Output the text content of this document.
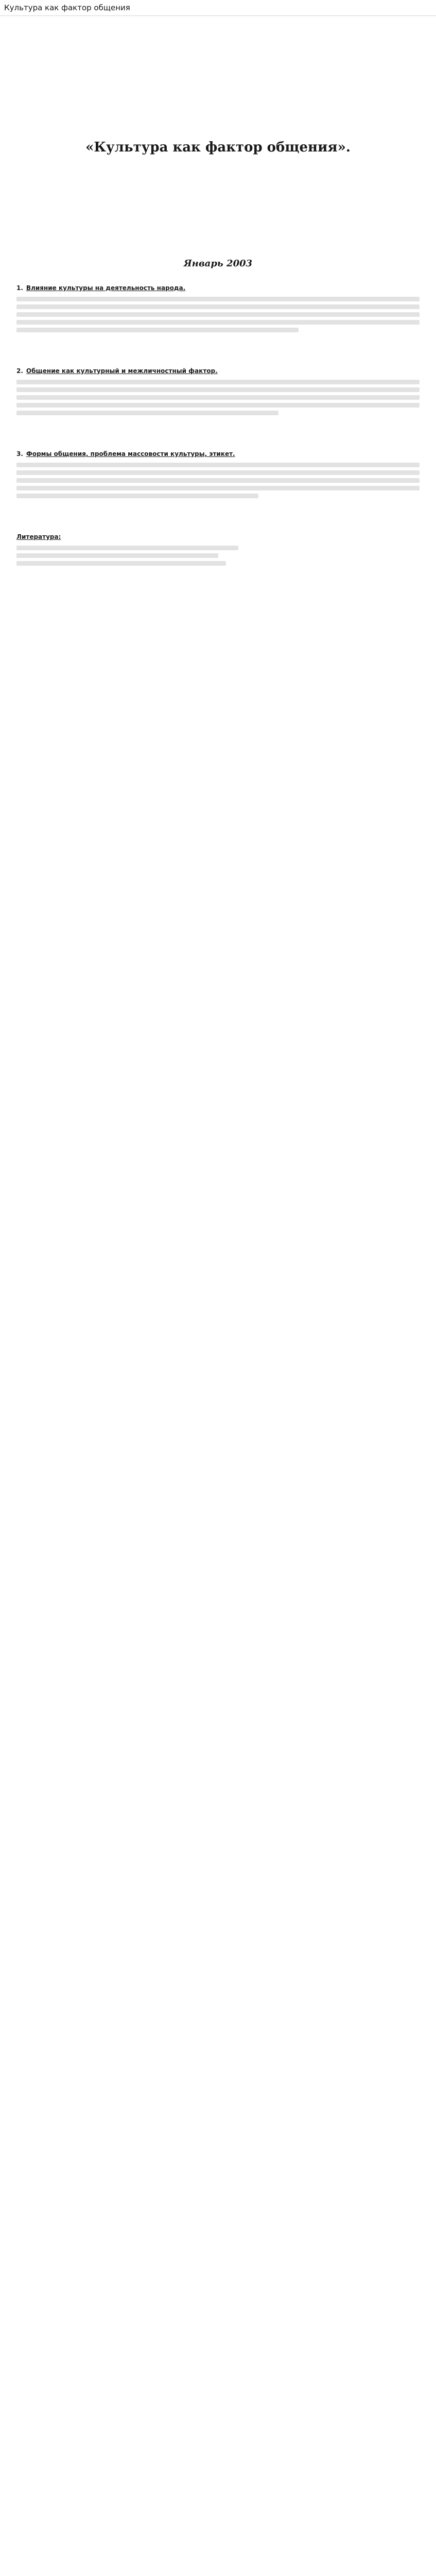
Культура как фактор общения
«Культура как фактор общения».
Январь 2003
1. Влияние культуры на деятельность народа.
2. Общение как культурный и межличностный фактор.
3. Формы общения, проблема массовости культуры, этикет.
Литература:
